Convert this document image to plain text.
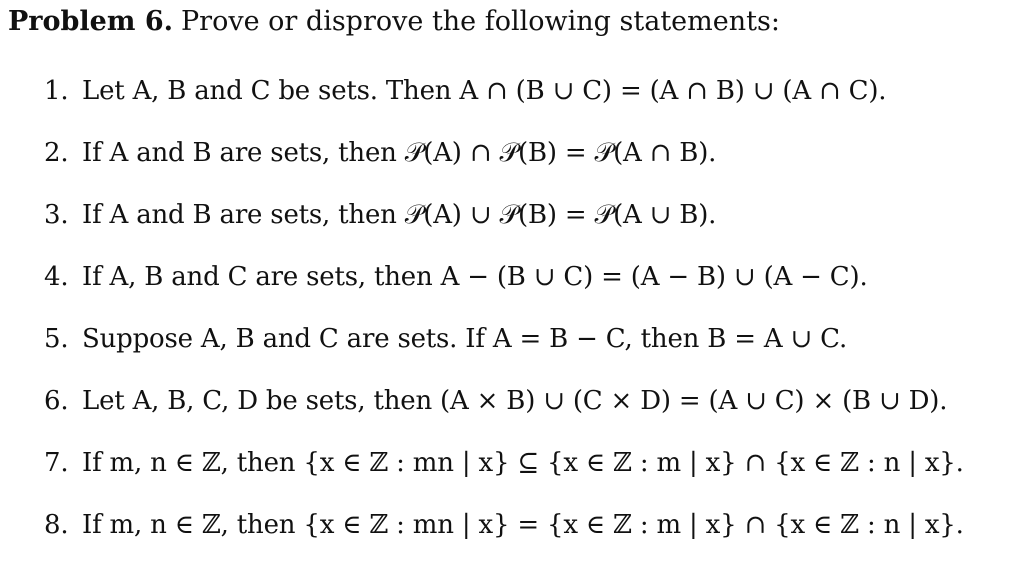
Problem 6. Prove or disprove the following statements:
1. Let A, B and C be sets. Then A ∩ (B ∪ C) = (A ∩ B) ∪ (A ∩ C).
2. If A and B are sets, then 𝒫(A) ∩ 𝒫(B) = 𝒫(A ∩ B).
3. If A and B are sets, then 𝒫(A) ∪ 𝒫(B) = 𝒫(A ∪ B).
4. If A, B and C are sets, then A − (B ∪ C) = (A − B) ∪ (A − C).
5. Suppose A, B and C are sets. If A = B − C, then B = A ∪ C.
6. Let A, B, C, D be sets, then (A × B) ∪ (C × D) = (A ∪ C) × (B ∪ D).
7. If m, n ∈ ℤ, then {x ∈ ℤ : mn | x} ⊆ {x ∈ ℤ : m | x} ∩ {x ∈ ℤ : n | x}.
8. If m, n ∈ ℤ, then {x ∈ ℤ : mn | x} = {x ∈ ℤ : m | x} ∩ {x ∈ ℤ : n | x}.
